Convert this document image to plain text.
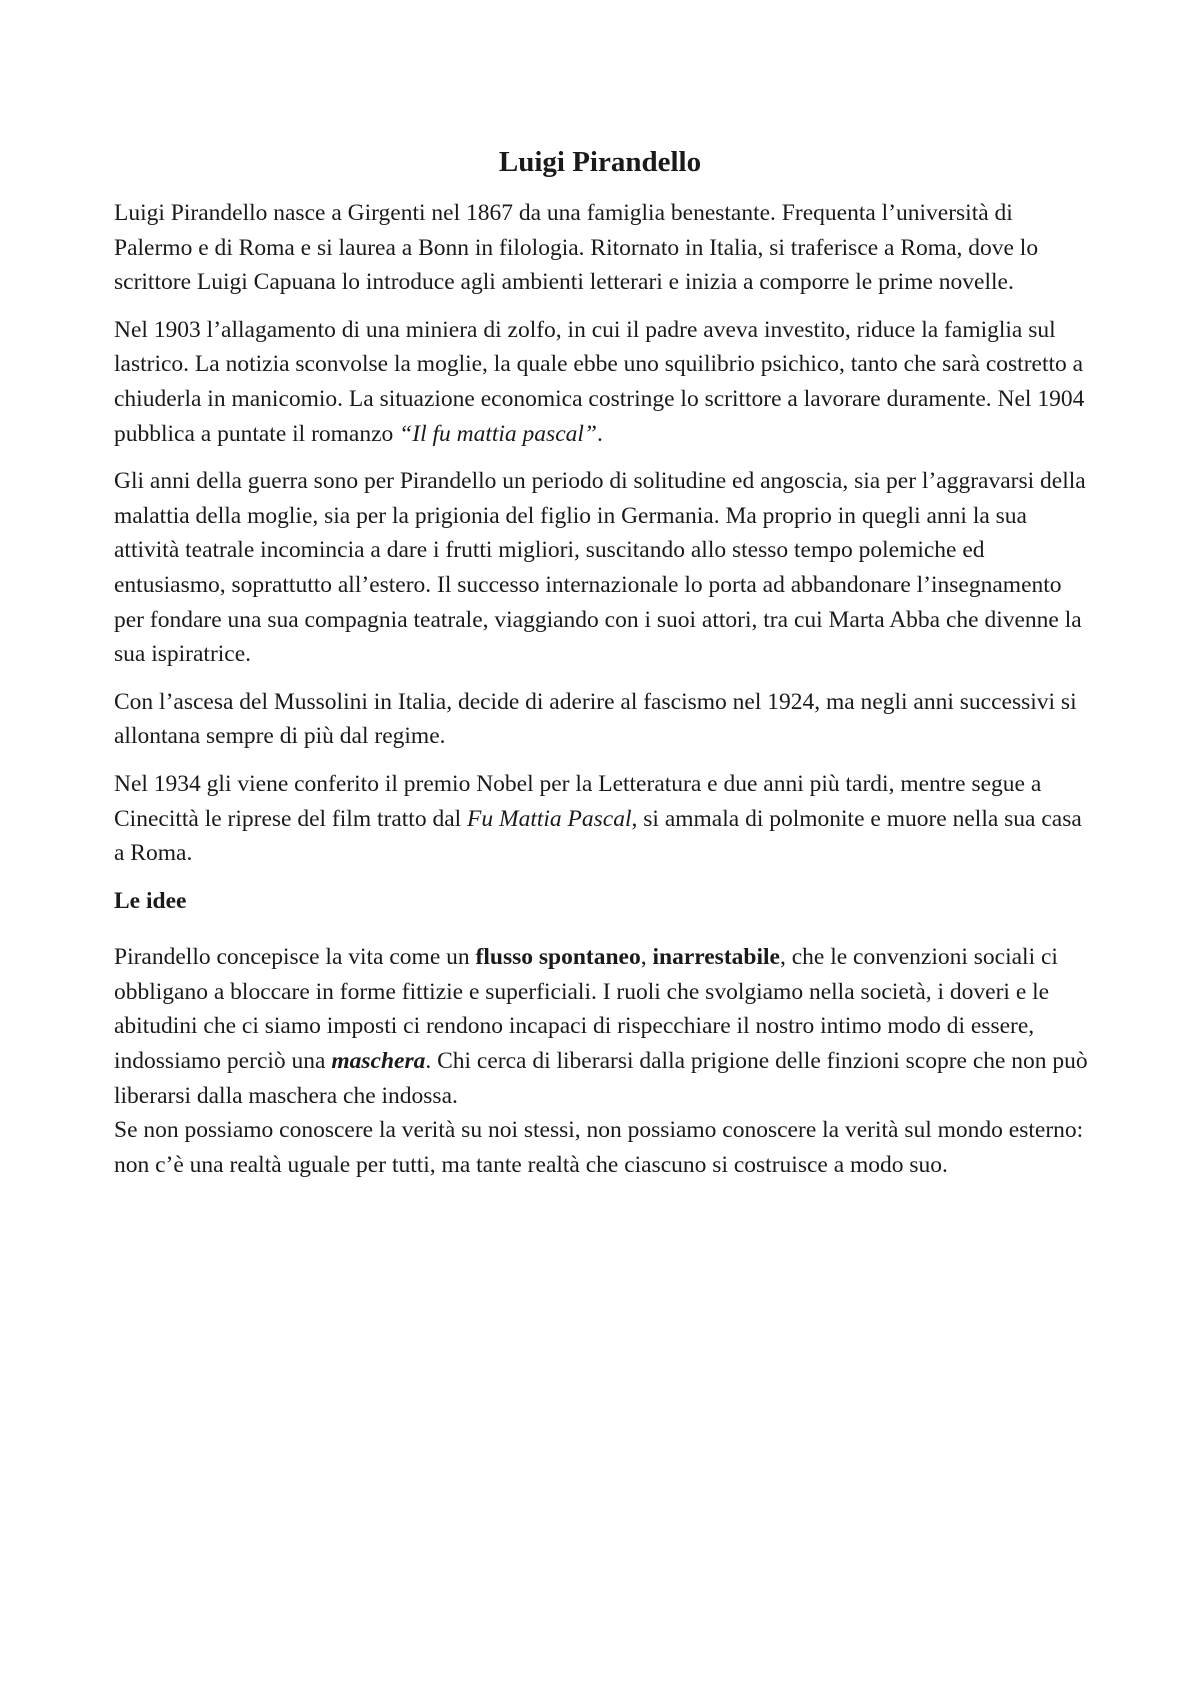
Luigi Pirandello

Luigi Pirandello nasce a Girgenti nel 1867 da una famiglia benestante. Frequenta l’università di Palermo e di Roma e si laurea a Bonn in filologia. Ritornato in Italia, si traferisce a Roma, dove lo scrittore Luigi Capuana lo introduce agli ambienti letterari e inizia a comporre le prime novelle.

Nel 1903 l’allagamento di una miniera di zolfo, in cui il padre aveva investito, riduce la famiglia sul lastrico. La notizia sconvolse la moglie, la quale ebbe uno squilibrio psichico, tanto che sarà costretto a chiuderla in manicomio. La situazione economica costringe lo scrittore a lavorare duramente. Nel 1904 pubblica a puntate il romanzo “Il fu mattia pascal”.

Gli anni della guerra sono per Pirandello un periodo di solitudine ed angoscia, sia per l’aggravarsi della malattia della moglie, sia per la prigionia del figlio in Germania. Ma proprio in quegli anni la sua attività teatrale incomincia a dare i frutti migliori, suscitando allo stesso tempo polemiche ed entusiasmo, soprattutto all’estero. Il successo internazionale lo porta ad abbandonare l’insegnamento per fondare una sua compagnia teatrale, viaggiando con i suoi attori, tra cui Marta Abba che divenne la sua ispiratrice.

Con l’ascesa del Mussolini in Italia, decide di aderire al fascismo nel 1924, ma negli anni successivi si allontana sempre di più dal regime.

Nel 1934 gli viene conferito il premio Nobel per la Letteratura e due anni più tardi, mentre segue a Cinecittà le riprese del film tratto dal Fu Mattia Pascal, si ammala di polmonite e muore nella sua casa a Roma.

Le idee

Pirandello concepisce la vita come un flusso spontaneo, inarrestabile, che le convenzioni sociali ci obbligano a bloccare in forme fittizie e superficiali. I ruoli che svolgiamo nella società, i doveri e le abitudini che ci siamo imposti ci rendono incapaci di rispecchiare il nostro intimo modo di essere, indossiamo perciò una maschera. Chi cerca di liberarsi dalla prigione delle finzioni scopre che non può liberarsi dalla maschera che indossa.

Se non possiamo conoscere la verità su noi stessi, non possiamo conoscere la verità sul mondo esterno: non c’è una realtà uguale per tutti, ma tante realtà che ciascuno si costruisce a modo suo.
